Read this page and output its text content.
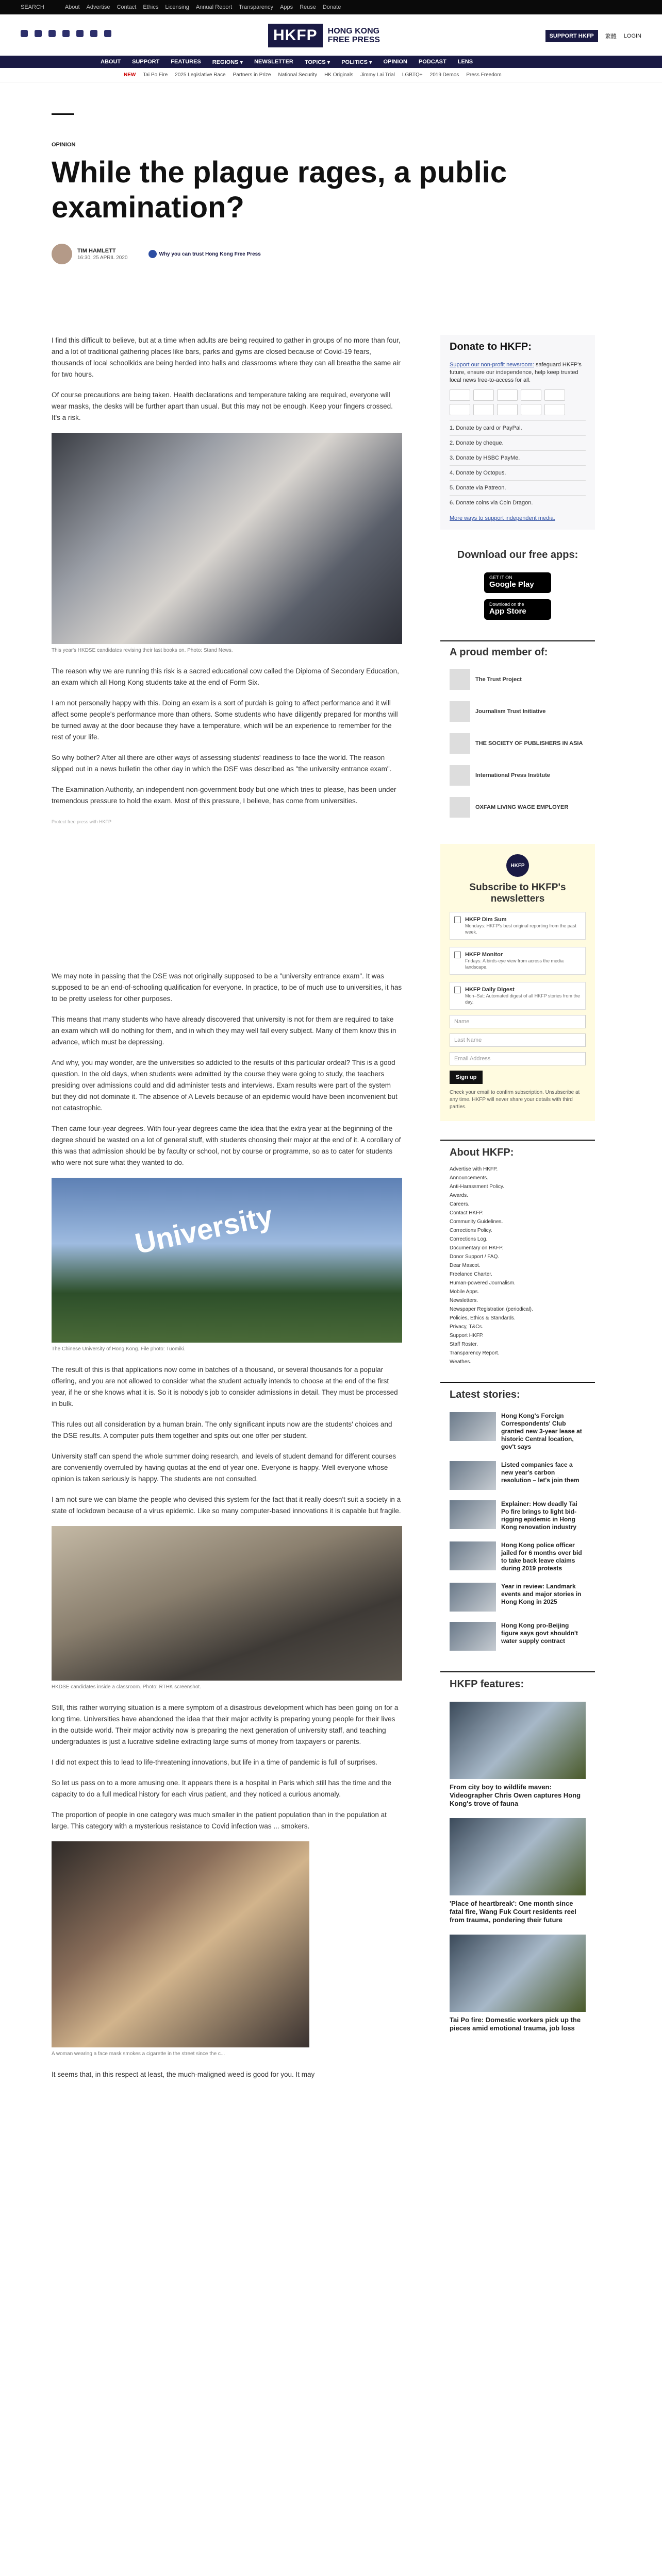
SEARCH	About Advertise Contact Ethics Licensing Annual Report Transparency Apps Reuse Donate
HKFP	HONG KONG
FREE PRESS	SUPPORT HKFP	繁體 LOGIN
ABOUT SUPPORT FEATURES REGIONS ▾ NEWSLETTER TOPICS ▾ POLITICS ▾ OPINION PODCAST LENS
NEW Tai Po Fire 2025 Legislative Race Partners in Prize National Security HK Originals Jimmy Lai Trial LGBTQ+ 2019 Demos Press Freedom
OPINION
While the plague rages, a public examination?
TIM HAMLETT
16:30, 25 APRIL 2020
Why you can trust Hong Kong Free Press

I find this difficult to believe, but at a time when adults are being required to gather in groups of no more than four, and a lot of traditional gathering places like bars, parks and gyms are closed because of Covid-19 fears, thousands of local schoolkids are being herded into halls and classrooms where they can all breathe the same air for two hours.

Of course precautions are being taken. Health declarations and temperature taking are required, everyone will wear masks, the desks will be further apart than usual. But this may not be enough. Keep your fingers crossed. It's a risk.

This year's HKDSE candidates revising their last books on. Photo: Stand News.

The reason why we are running this risk is a sacred educational cow called the Diploma of Secondary Education, an exam which all Hong Kong students take at the end of Form Six.

I am not personally happy with this. Doing an exam is a sort of purdah is going to affect performance and it will affect some people's performance more than others. Some students who have diligently prepared for months will be turned away at the door because they have a temperature, which will be an experience to remember for the rest of your life.

So why bother? After all there are other ways of assessing students' readiness to face the world. The reason slipped out in a news bulletin the other day in which the DSE was described as "the university entrance exam".

The Examination Authority, an independent non-government body but one which tries to please, has been under tremendous pressure to hold the exam. Most of this pressure, I believe, has come from universities.

Protect free press with HKFP

We may note in passing that the DSE was not originally supposed to be a "university entrance exam". It was supposed to be an end-of-schooling qualification for everyone. In practice, to be of much use to universities, it has to be pretty useless for other purposes.

This means that many students who have already discovered that university is not for them are required to take an exam which will do nothing for them, and in which they may well fail every subject. Many of them know this in advance, which must be depressing.

And why, you may wonder, are the universities so addicted to the results of this particular ordeal? This is a good question. In the old days, when students were admitted by the course they were going to study, the teachers presiding over admissions could and did administer tests and interviews. Exam results were part of the system but they did not dominate it. The absence of A Levels because of an epidemic would have been inconvenient but not catastrophic.

Then came four-year degrees. With four-year degrees came the idea that the extra year at the beginning of the degree should be wasted on a lot of general stuff, with students choosing their major at the end of it. A corollary of this was that admission should be by faculty or school, not by course or programme, so as to cater for students who were not sure what they wanted to do.

University
The Chinese University of Hong Kong. File photo: Tuomiki.

The result of this is that applications now come in batches of a thousand, or several thousands for a popular offering, and you are not allowed to consider what the student actually intends to choose at the end of the first year, if he or she knows what it is. So it is nobody's job to consider admissions in detail. They must be processed in bulk.

This rules out all consideration by a human brain. The only significant inputs now are the students' choices and the DSE results. A computer puts them together and spits out one offer per student.

University staff can spend the whole summer doing research, and levels of student demand for different courses are conveniently overruled by having quotas at the end of year one. Everyone is happy. Well everyone whose opinion is taken seriously is happy. The students are not consulted.

I am not sure we can blame the people who devised this system for the fact that it really doesn't suit a society in a state of lockdown because of a virus epidemic. Like so many computer-based innovations it is capable but fragile.

HKDSE candidates inside a classroom. Photo: RTHK screenshot.

Still, this rather worrying situation is a mere symptom of a disastrous development which has been going on for a long time. Universities have abandoned the idea that their major activity is preparing young people for their lives in the outside world. Their major activity now is preparing the next generation of university staff, and teaching undergraduates is just a lucrative sideline extracting large sums of money from taxpayers or parents.

I did not expect this to lead to life-threatening innovations, but life in a time of pandemic is full of surprises.

So let us pass on to a more amusing one. It appears there is a hospital in Paris which still has the time and the capacity to do a full medical history for each virus patient, and they noticed a curious anomaly.

The proportion of people in one category was much smaller in the patient population than in the population at large. This category with a mysterious resistance to Covid infection was ... smokers.

A woman wearing a face mask smokes a cigarette in the street since the c...

It seems that, in this respect at least, the much-maligned weed is good for you. It may

Donate to HKFP:
Support our non-profit newsroom: safeguard HKFP's future, ensure our independence, help keep trusted local news free-to-access for all.
1. Donate by card or PayPal.
2. Donate by cheque.
3. Donate by HSBC PayMe.
4. Donate by Octopus.
5. Donate via Patreon.
6. Donate coins via Coin Dragon.
More ways to support independent media.
Download our free apps:
GET IT ON
Google Play
Download on the
App Store
A proud member of:
The Trust Project
Journalism Trust Initiative
THE SOCIETY OF PUBLISHERS IN ASIA
International Press Institute
OXFAM LIVING WAGE EMPLOYER
HKFP
Subscribe to HKFP's newsletters
HKFP Dim Sum
Mondays: HKFP's best original reporting from the past week.
HKFP Monitor
Fridays: A birds-eye view from across the media landscape.
HKFP Daily Digest
Mon–Sat: Automated digest of all HKFP stories from the day.
Name
Last Name
Email Address
Sign up
Check your email to confirm subscription. Unsubscribe at any time. HKFP will never share your details with third parties.
About HKFP:
Advertise with HKFP.
Announcements.
Anti-Harassment Policy.
Awards.
Careers.
Contact HKFP.
Community Guidelines.
Corrections Policy.
Corrections Log.
Documentary on HKFP.
Donor Support / FAQ.
Dear Mascot.
Freelance Charter.
Human-powered Journalism.
Mobile Apps.
Newsletters.
Newspaper Registration (periodical).
Policies, Ethics & Standards.
Privacy, T&Cs.
Support HKFP.
Staff Roster.
Transparency Report.
Weathes.
Latest stories:
Hong Kong's Foreign Correspondents' Club granted new 3-year lease at historic Central location, gov't says
Listed companies face a new year's carbon resolution – let's join them
Explainer: How deadly Tai Po fire brings to light bid-rigging epidemic in Hong Kong renovation industry
Hong Kong police officer jailed for 6 months over bid to take back leave claims during 2019 protests
Year in review: Landmark events and major stories in Hong Kong in 2025
Hong Kong pro-Beijing figure says govt shouldn't water supply contract
HKFP features:
From city boy to wildlife maven: Videographer Chris Owen captures Hong Kong's trove of fauna
'Place of heartbreak': One month since fatal fire, Wang Fuk Court residents reel from trauma, pondering their future
Tai Po fire: Domestic workers pick up the pieces amid emotional trauma, job loss
